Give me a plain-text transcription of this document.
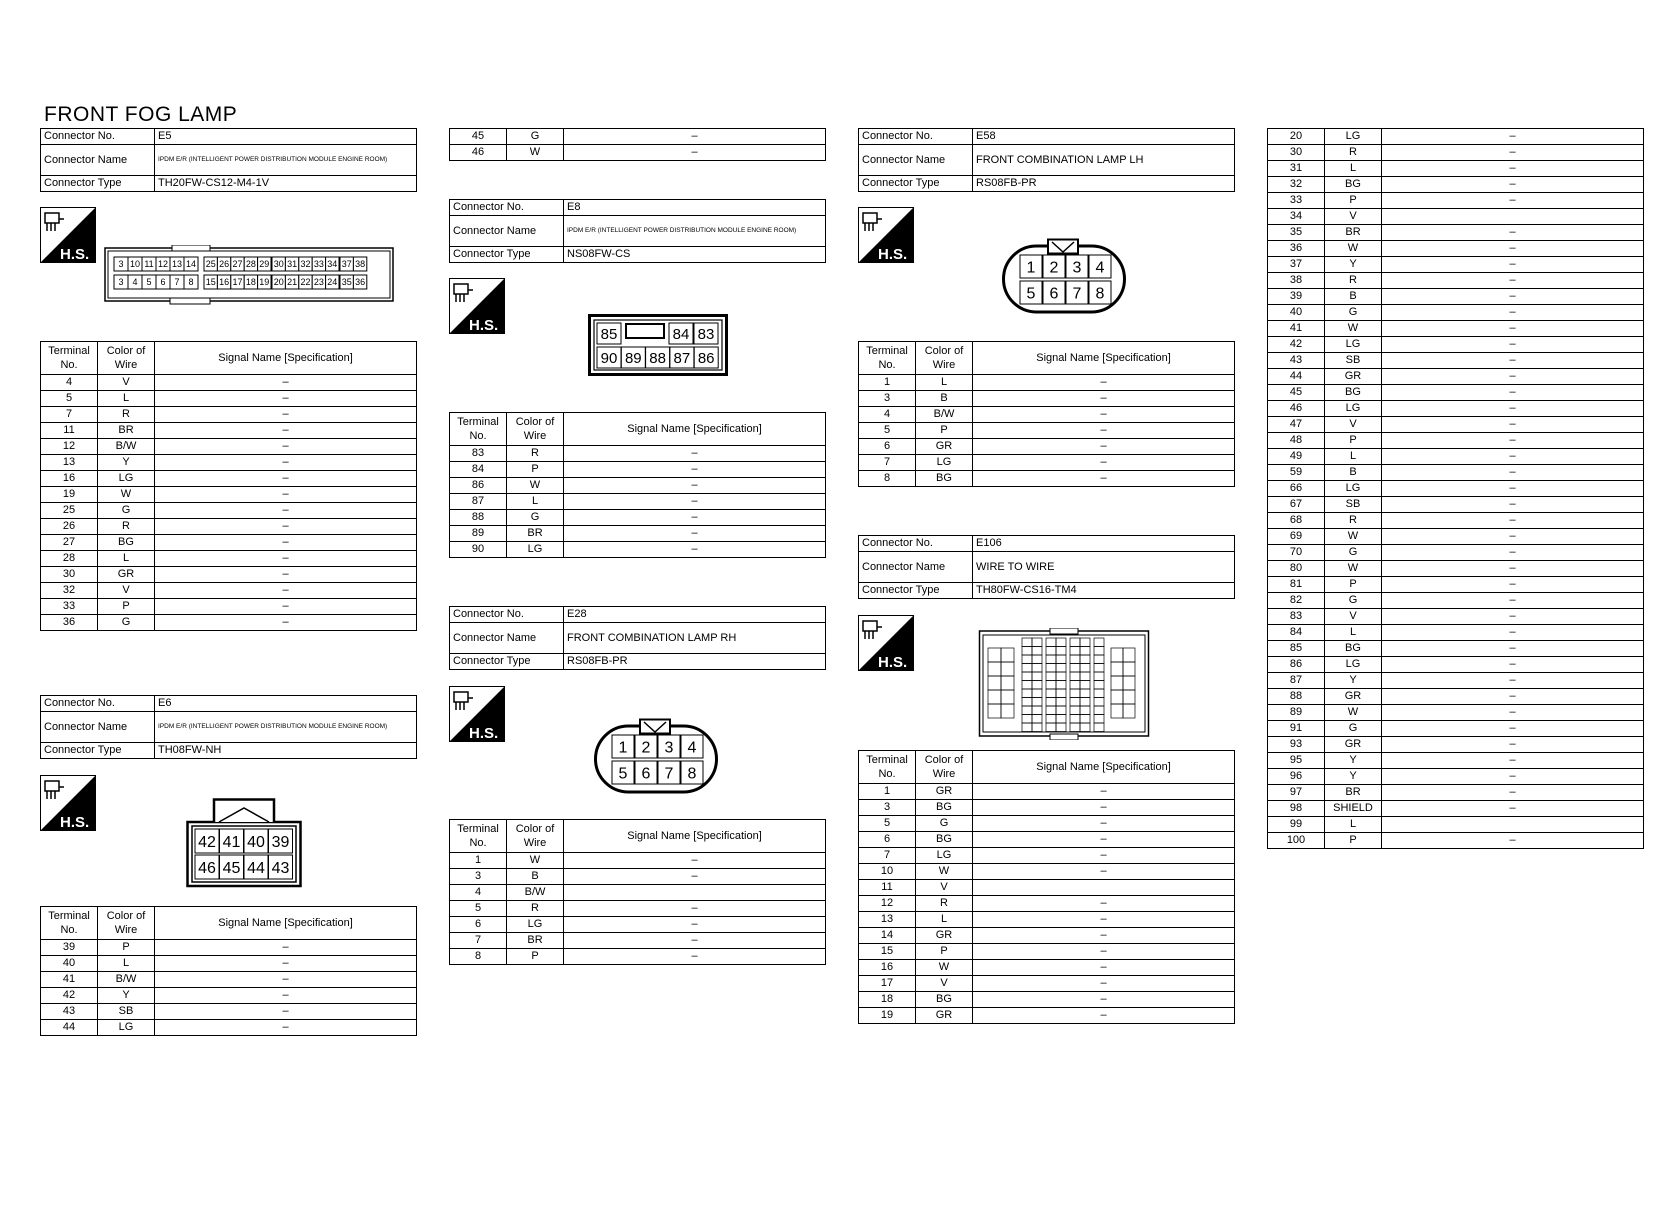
FRONT FOG LAMP
Connector No.	E5
Connector Name	IPDM E/R (INTELLIGENT POWER DISTRIBUTION MODULE ENGINE ROOM)
Connector Type	TH20FW-CS12-M4-1V
H.S.
3 10 11 12 13 14 25 26 27 28 29 30 31 32 33 34 37 38
3 4 5 6 7 8 15 16 17 18 19 20 21 22 23 24 35 36
Terminal No.	Color of Wire	Signal Name [Specification]
4	V	–
5	L	–
7	R	–
11	BR	–
12	B/W	–
13	Y	–
16	LG	–
19	W	–
25	G	–
26	R	–
27	BG	–
28	L	–
30	GR	–
32	V	–
33	P	–
36	G	–
Connector No.	E6
Connector Name	IPDM E/R (INTELLIGENT POWER DISTRIBUTION MODULE ENGINE ROOM)
Connector Type	TH08FW-NH
H.S.
42 41 40 39
46 45 44 43
Terminal No.	Color of Wire	Signal Name [Specification]
39	P	–
40	L	–
41	B/W	–
42	Y	–
43	SB	–
44	LG	–
45	G	–
46	W	–
Connector No.	E8
Connector Name	IPDM E/R (INTELLIGENT POWER DISTRIBUTION MODULE ENGINE ROOM)
Connector Type	NS08FW-CS
H.S.
85	84 83
90 89 88 87 86
Terminal No.	Color of Wire	Signal Name [Specification]
83	R	–
84	P	–
86	W	–
87	L	–
88	G	–
89	BR	–
90	LG	–
Connector No.	E28
Connector Name	FRONT COMBINATION LAMP RH
Connector Type	RS08FB-PR
H.S.
1 2 3 4
5 6 7 8
Terminal No.	Color of Wire	Signal Name [Specification]
1	W	–
3	B	–
4	B/W	
5	R	–
6	LG	–
7	BR	–
8	P	–
Connector No.	E58
Connector Name	FRONT COMBINATION LAMP LH
Connector Type	RS08FB-PR
H.S.
1 2 3 4
5 6 7 8
Terminal No.	Color of Wire	Signal Name [Specification]
1	L	–
3	B	–
4	B/W	–
5	P	–
6	GR	–
7	LG	–
8	BG	–
Connector No.	E106
Connector Name	WIRE TO WIRE
Connector Type	TH80FW-CS16-TM4
H.S.
Terminal No.	Color of Wire	Signal Name [Specification]
1	GR	–
3	BG	–
5	G	–
6	BG	–
7	LG	–
10	W	–
11	V	
12	R	–
13	L	–
14	GR	–
15	P	–
16	W	–
17	V	–
18	BG	–
19	GR	–
20	LG	–
30	R	–
31	L	–
32	BG	–
33	P	–
34	V	
35	BR	–
36	W	–
37	Y	–
38	R	–
39	B	–
40	G	–
41	W	–
42	LG	–
43	SB	–
44	GR	–
45	BG	–
46	LG	–
47	V	–
48	P	–
49	L	–
59	B	–
66	LG	–
67	SB	–
68	R	–
69	W	–
70	G	–
80	W	–
81	P	–
82	G	–
83	V	–
84	L	–
85	BG	–
86	LG	–
87	Y	–
88	GR	–
89	W	–
91	G	–
93	GR	–
95	Y	–
96	Y	–
97	BR	–
98	SHIELD	–
99	L	
100	P	–
